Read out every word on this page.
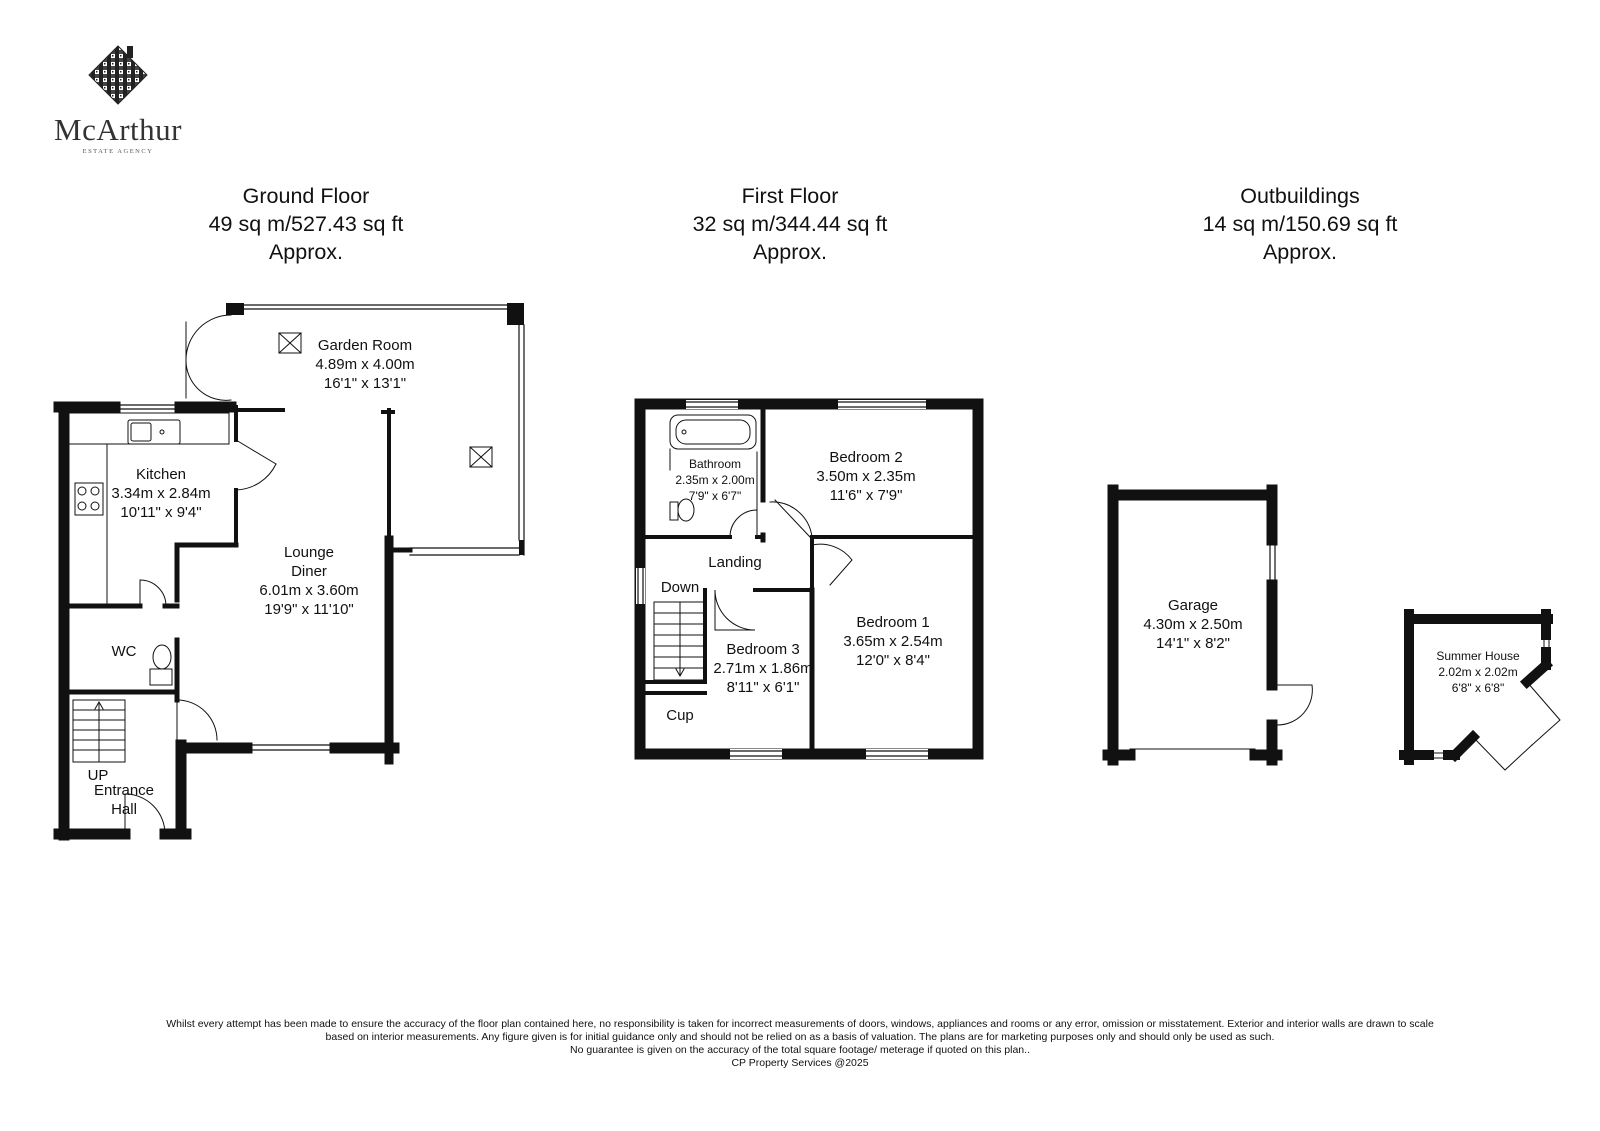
McArthur
ESTATE AGENCY
Ground Floor
49 sq m/527.43 sq ft
Approx.
First Floor
32 sq m/344.44 sq ft
Approx.
Outbuildings
14 sq m/150.69 sq ft
Approx.
Garden Room
4.89m x 4.00m
16'1" x 13'1"
Kitchen
3.34m x 2.84m
10'11" x 9'4"
Lounge
Diner
6.01m x 3.60m
19'9" x 11'10"
WC
UP
Entrance
Hall
Bathroom
2.35m x 2.00m
7'9" x 6'7"
Bedroom 2
3.50m x 2.35m
11'6" x 7'9"
Landing
Down
Bedroom 1
3.65m x 2.54m
12'0" x 8'4"
Bedroom 3
2.71m x 1.86m
8'11" x 6'1"
Cup
Garage
4.30m x 2.50m
14'1" x 8'2"
Summer House
2.02m x 2.02m
6'8" x 6'8"
Whilst every attempt has been made to ensure the accuracy of the floor plan contained here, no responsibility is taken for incorrect measurements of doors, windows, appliances and rooms or any error, omission or misstatement. Exterior and interior walls are drawn to scale
based on interior measurements. Any figure given is for initial guidance only and should not be relied on as a basis of valuation. The plans are for marketing purposes only and should only be used as such.
No guarantee is given on the accuracy of the total square footage/ meterage if quoted on this plan..
CP Property Services @2025
